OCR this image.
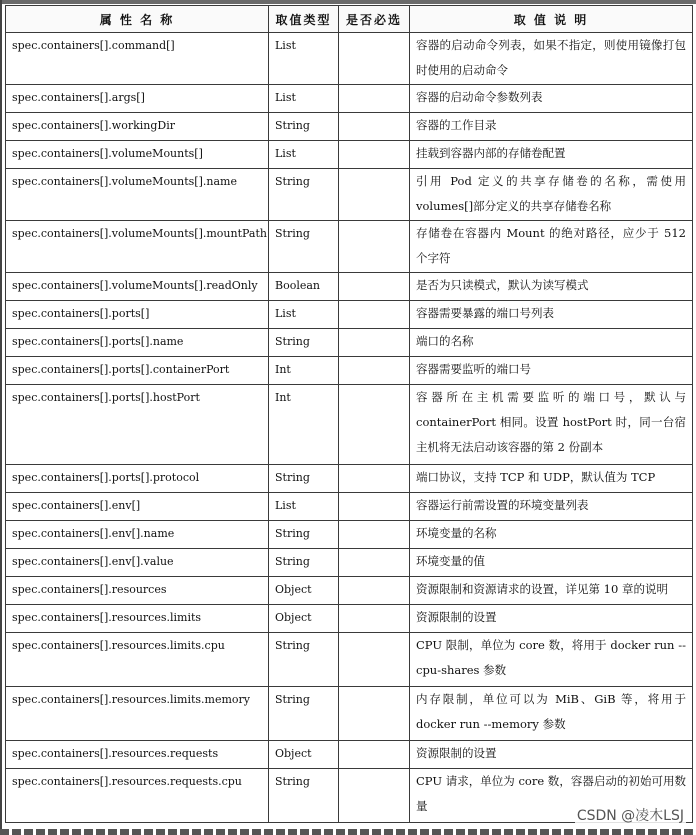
属 性 名 称	取值类型	是否必选	取 值 说 明
spec.containers[].command[]	List		容器的启动命令列表，如果不指定，则使用镜像打包时使用的启动命令
spec.containers[].args[]	List		容器的启动命令参数列表
spec.containers[].workingDir	String		容器的工作目录
spec.containers[].volumeMounts[]	List		挂载到容器内部的存储卷配置
spec.containers[].volumeMounts[].name	String		引用 Pod 定义的共享存储卷的名称，需使用 volumes[]部分定义的共享存储卷名称
spec.containers[].volumeMounts[].mountPath	String		存储卷在容器内 Mount 的绝对路径，应少于 512 个字符
spec.containers[].volumeMounts[].readOnly	Boolean		是否为只读模式，默认为读写模式
spec.containers[].ports[]	List		容器需要暴露的端口号列表
spec.containers[].ports[].name	String		端口的名称
spec.containers[].ports[].containerPort	Int		容器需要监听的端口号
spec.containers[].ports[].hostPort	Int		容器所在主机需要监听的端口号，默认与 containerPort 相同。设置 hostPort 时，同一台宿主机将无法启动该容器的第 2 份副本
spec.containers[].ports[].protocol	String		端口协议，支持 TCP 和 UDP，默认值为 TCP
spec.containers[].env[]	List		容器运行前需设置的环境变量列表
spec.containers[].env[].name	String		环境变量的名称
spec.containers[].env[].value	String		环境变量的值
spec.containers[].resources	Object		资源限制和资源请求的设置，详见第 10 章的说明
spec.containers[].resources.limits	Object		资源限制的设置
spec.containers[].resources.limits.cpu	String		CPU 限制，单位为 core 数，将用于 docker run --cpu-shares 参数
spec.containers[].resources.limits.memory	String		内存限制，单位可以为 MiB、GiB 等，将用于 docker run --memory 参数
spec.containers[].resources.requests	Object		资源限制的设置
spec.containers[].resources.requests.cpu	String		CPU 请求，单位为 core 数，容器启动的初始可用数量
CSDN @凌木LSJ
